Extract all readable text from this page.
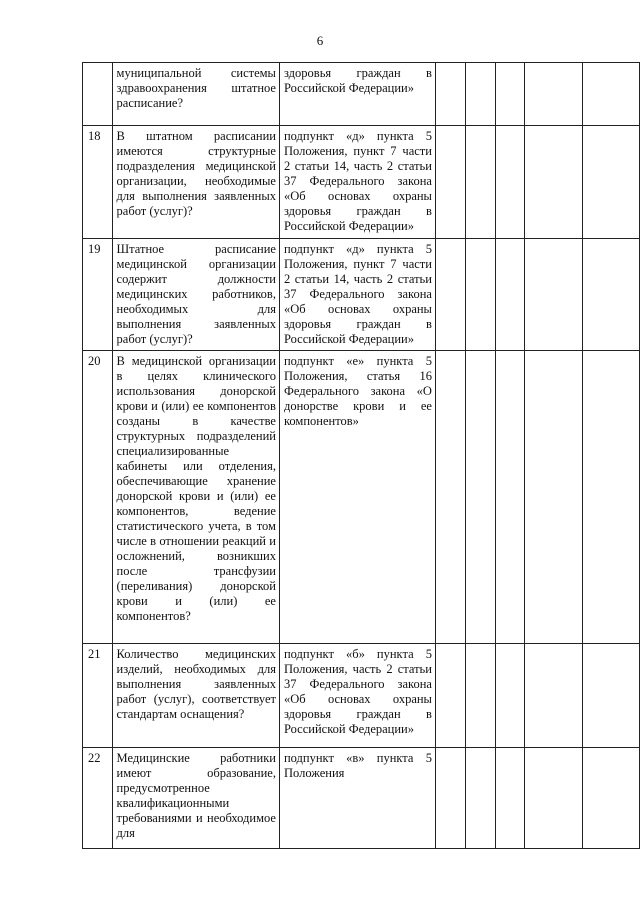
6
	муниципальной системы здравоохранения штатное расписание?	здоровья граждан в Российской Федерации»					
18	В штатном расписании имеются структурные подразделения медицинской организации, необходимые для выполнения заявленных работ (услуг)?	подпункт «д» пункта 5 Положения, пункт 7 части 2 статьи 14, часть 2 статьи 37 Федерального закона «Об основах охраны здоровья граждан в Российской Федерации»					
19	Штатное расписание медицинской организации содержит должности медицинских работников, необходимых для выполнения заявленных работ (услуг)?	подпункт «д» пункта 5 Положения, пункт 7 части 2 статьи 14, часть 2 статьи 37 Федерального закона «Об основах охраны здоровья граждан в Российской Федерации»					
20	В медицинской организации в целях клинического использования донорской крови и (или) ее компонентов созданы в качестве структурных подразделений специализированные кабинеты или отделения, обеспечивающие хранение донорской крови и (или) ее компонентов, ведение статистического учета, в том числе в отношении реакций и осложнений, возникших после трансфузии (переливания) донорской крови и (или) ее компонентов?	подпункт «е» пункта 5 Положения, статья 16 Федерального закона «О донорстве крови и ее компонентов»					
21	Количество медицинских изделий, необходимых для выполнения заявленных работ (услуг), соответствует стандартам оснащения?	подпункт «б» пункта 5 Положения, часть 2 статьи 37 Федерального закона «Об основах охраны здоровья граждан в Российской Федерации»					
22	Медицинские работники имеют образование, предусмотренное квалификационными требованиями и необходимое для	подпункт «в» пункта 5 Положения					
